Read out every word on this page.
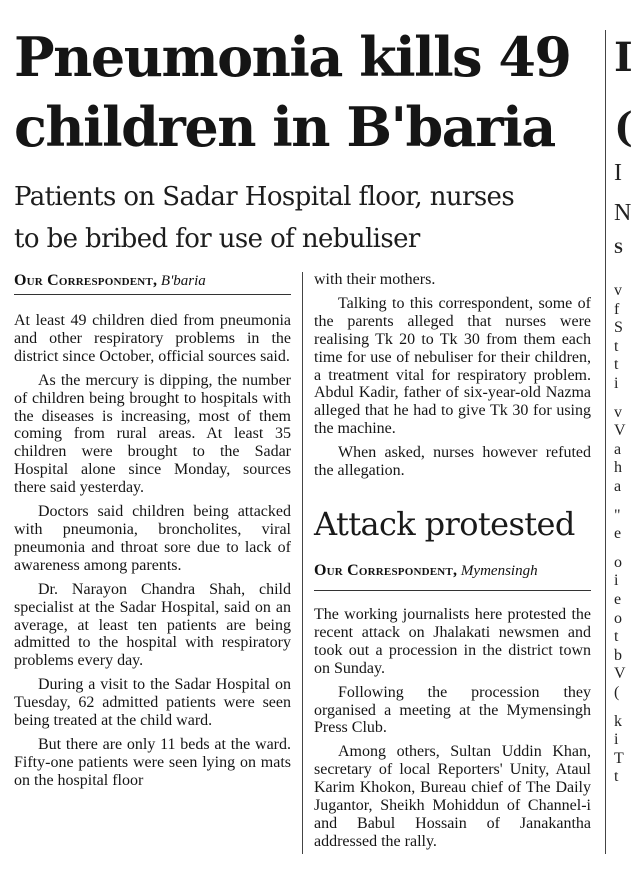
Pneumonia kills 49
children in B'baria
Patients on Sadar Hospital floor, nurses
to be bribed for use of nebuliser
Our Correspondent, B'baria

At least 49 children died from pneumonia and other respiratory problems in the district since October, official sources said.

As the mercury is dipping, the number of children being brought to hospitals with the diseases is increasing, most of them coming from rural areas. At least 35 children were brought to the Sadar Hospital alone since Monday, sources there said yesterday.

Doctors said children being attacked with pneumonia, broncholites, viral pneumonia and throat sore due to lack of awareness among parents.

Dr. Narayon Chandra Shah, child specialist at the Sadar Hospital, said on an average, at least ten patients are being admitted to the hospital with respiratory problems every day.

During a visit to the Sadar Hospital on Tuesday, 62 admitted patients were seen being treated at the child ward.

But there are only 11 beds at the ward. Fifty-one patients were seen lying on mats on the hospital floor

with their mothers.

Talking to this correspondent, some of the parents alleged that nurses were realising Tk 20 to Tk 30 from them each time for use of nebuliser for their children, a treatment vital for respiratory problem. Abdul Kadir, father of six-year-old Nazma alleged that he had to give Tk 30 for using the machine.

When asked, nurses however refuted the allegation.

Attack protested
Our Correspondent, Mymensingh

The working journalists here protested the recent attack on Jhalakati newsmen and took out a procession in the district town on Sunday.

Following the procession they organised a meeting at the Mymensingh Press Club.

Among others, Sultan Uddin Khan, secretary of local Reporters' Unity, Ataul Karim Khokon, Bureau chief of The Daily Jugantor, Sheikh Mohiddun of Channel-i and Babul Hossain of Janakantha addressed the rally.

I
(
I
N
S
v
f
S
t
t
i
v
V
a
h
a
"
e
o
i
e
o
t
b
V
(
k
i
T
t
